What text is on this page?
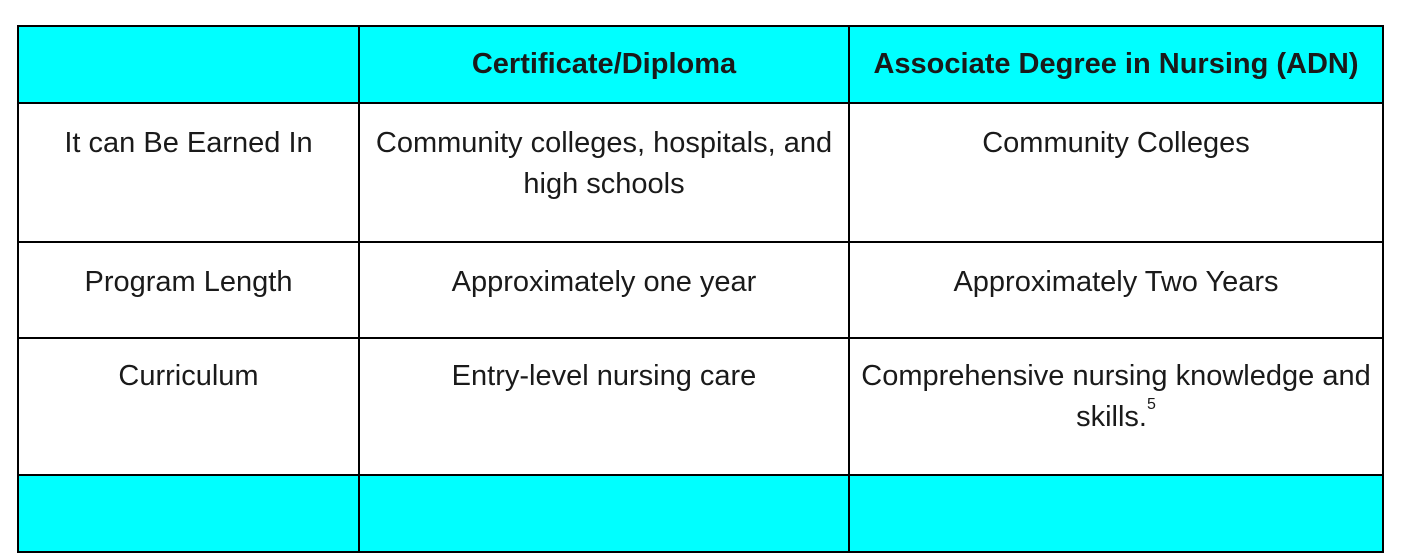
	Certificate/Diploma	Associate Degree in Nursing (ADN)
It can Be Earned In	Community colleges, hospitals, and high schools	Community Colleges
Program Length	Approximately one year	Approximately Two Years
Curriculum	Entry-level nursing care	Comprehensive nursing knowledge and skills.$^5$
